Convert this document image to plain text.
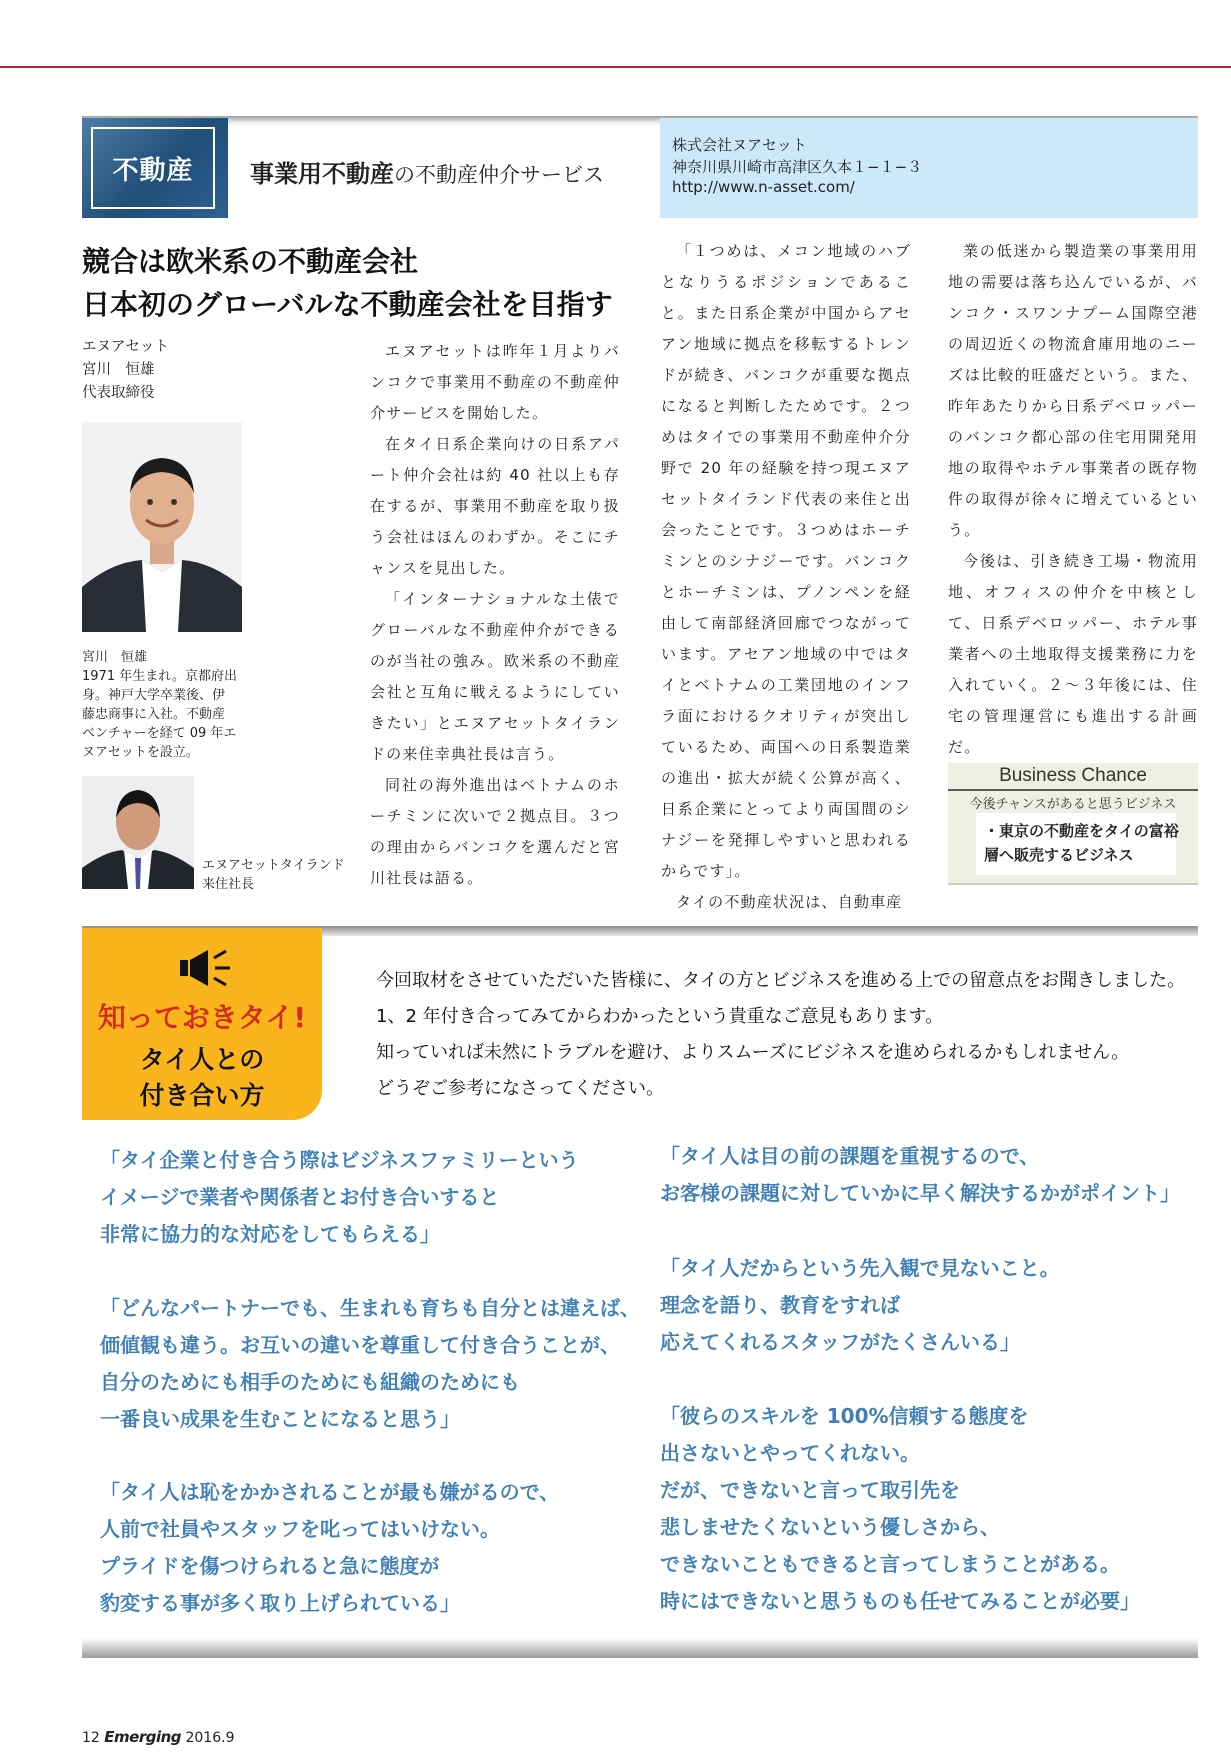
不動産 事業用不動産の不動産仲介サービス
株式会社ヌアセット
神奈川県川崎市高津区久本１−１−３
http://www.n-asset.com/
競合は欧米系の不動産会社
日本初のグローバルな不動産会社を目指す
エヌアセット
宮川　恒雄
代表取締役
宮川　恒雄
1971 年生まれ。京都府出
身。神戸大学卒業後、伊
藤忠商事に入社。不動産
ベンチャーを経て 09 年エ
ヌアセットを設立。
エヌアセットタイランド
来住社長

エヌアセットは昨年１月よりバンコクで事業用不動産の不動産仲介サービスを開始した。

在タイ日系企業向けの日系アパート仲介会社は約 40 社以上も存在するが、事業用不動産を取り扱う会社はほんのわずか。そこにチャンスを見出した。

「インターナショナルな土俵でグローバルな不動産仲介ができるのが当社の強み。欧米系の不動産会社と互角に戦えるようにしていきたい」とエヌアセットタイランドの来住幸典社長は言う。

同社の海外進出はベトナムのホーチミンに次いで２拠点目。３つの理由からバンコクを選んだと宮川社長は語る。

「１つめは、メコン地域のハブとなりうるポジションであること。また日系企業が中国からアセアン地域に拠点を移転するトレンドが続き、バンコクが重要な拠点になると判断したためです。２つめはタイでの事業用不動産仲介分野で 20 年の経験を持つ現エヌアセットタイランド代表の来住と出会ったことです。３つめはホーチミンとのシナジーです。バンコクとホーチミンは、プノンペンを経由して南部経済回廊でつながっています。アセアン地域の中ではタイとベトナムの工業団地のインフラ面におけるクオリティが突出しているため、両国への日系製造業の進出・拡大が続く公算が高く、日系企業にとってより両国間のシナジーを発揮しやすいと思われるからです」。

タイの不動産状況は、自動車産

業の低迷から製造業の事業用用地の需要は落ち込んでいるが、バンコク・スワンナプーム国際空港の周辺近くの物流倉庫用地のニーズは比較的旺盛だという。また、昨年あたりから日系デベロッパーのバンコク都心部の住宅用開発用地の取得やホテル事業者の既存物件の取得が徐々に増えているという。

今後は、引き続き工場・物流用地、オフィスの仲介を中核として、日系デベロッパー、ホテル事業者への土地取得支援業務に力を入れていく。２〜３年後には、住宅の管理運営にも進出する計画だ。

Business Chance
今後チャンスがあると思うビジネス
・東京の不動産をタイの富裕
層へ販売するビジネス
知っておきタイ!
タイ人との
付き合い方
今回取材をさせていただいた皆様に、タイの方とビジネスを進める上での留意点をお聞きしました。
1、2 年付き合ってみてからわかったという貴重なご意見もあります。
知っていれば未然にトラブルを避け、よりスムーズにビジネスを進められるかもしれません。
どうぞご参考になさってください。
「タイ企業と付き合う際はビジネスファミリーという
イメージで業者や関係者とお付き合いすると
非常に協力的な対応をしてもらえる」
「どんなパートナーでも、生まれも育ちも自分とは違えば、
価値観も違う。お互いの違いを尊重して付き合うことが、
自分のためにも相手のためにも組織のためにも
一番良い成果を生むことになると思う」
「タイ人は恥をかかされることが最も嫌がるので、
人前で社員やスタッフを叱ってはいけない。
プライドを傷つけられると急に態度が
豹変する事が多く取り上げられている」
「タイ人は目の前の課題を重視するので、
お客様の課題に対していかに早く解決するかがポイント」
「タイ人だからという先入観で見ないこと。
理念を語り、教育をすれば
応えてくれるスタッフがたくさんいる」
「彼らのスキルを 100%信頼する態度を
出さないとやってくれない。
だが、できないと言って取引先を
悲しませたくないという優しさから、
できないこともできると言ってしまうことがある。
時にはできないと思うものも任せてみることが必要」
12 Emerging 2016.9
